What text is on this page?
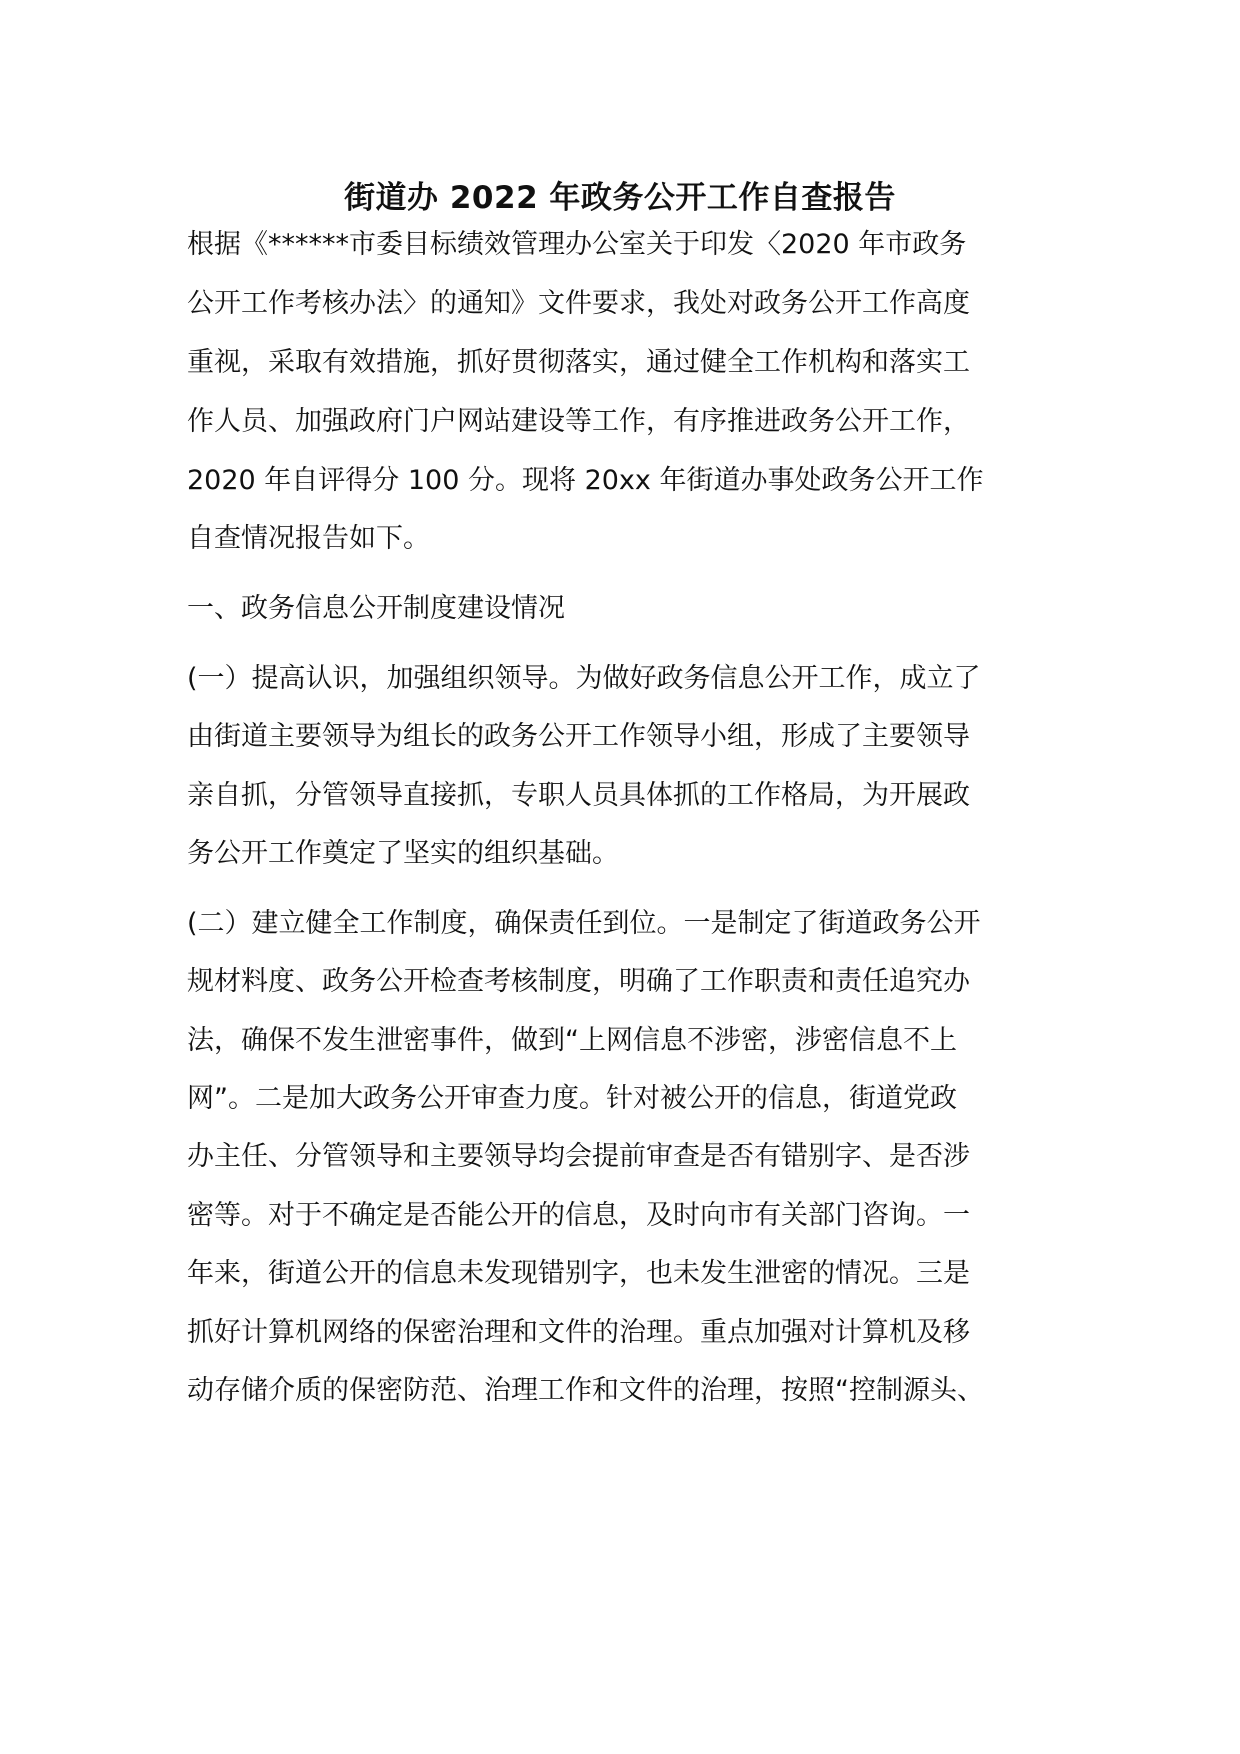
街道办 2022 年政务公开工作自查报告

根据《******市委目标绩效管理办公室关于印发〈2020 年市政务

公开工作考核办法〉的通知》文件要求，我处对政务公开工作高度

重视，采取有效措施，抓好贯彻落实，通过健全工作机构和落实工

作人员、加强政府门户网站建设等工作，有序推进政务公开工作，

2020 年自评得分 100 分。现将 20xx 年街道办事处政务公开工作

自查情况报告如下。

一、政务信息公开制度建设情况

(一）提高认识，加强组织领导。为做好政务信息公开工作，成立了

由街道主要领导为组长的政务公开工作领导小组，形成了主要领导

亲自抓，分管领导直接抓，专职人员具体抓的工作格局，为开展政

务公开工作奠定了坚实的组织基础。

(二）建立健全工作制度，确保责任到位。一是制定了街道政务公开

规材料度、政务公开检查考核制度，明确了工作职责和责任追究办

法，确保不发生泄密事件，做到“上网信息不涉密，涉密信息不上

网”。二是加大政务公开审查力度。针对被公开的信息，街道党政

办主任、分管领导和主要领导均会提前审查是否有错别字、是否涉

密等。对于不确定是否能公开的信息，及时向市有关部门咨询。一

年来，街道公开的信息未发现错别字，也未发生泄密的情况。三是

抓好计算机网络的保密治理和文件的治理。重点加强对计算机及移

动存储介质的保密防范、治理工作和文件的治理，按照“控制源头、
